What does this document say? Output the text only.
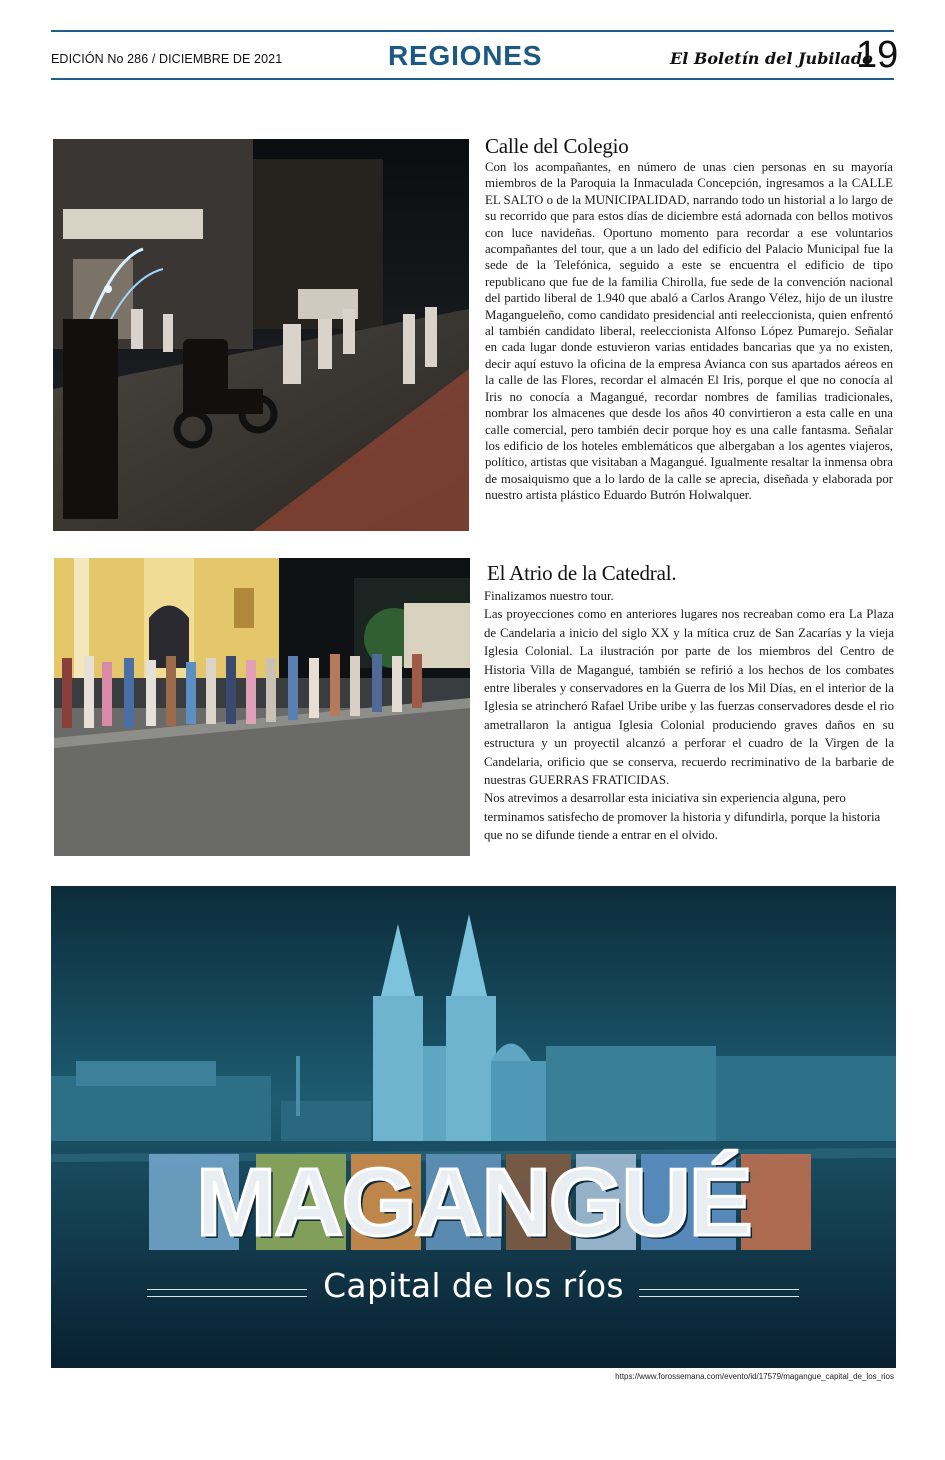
EDICIÓN No 286 / DICIEMBRE DE 2021	REGIONES	El Boletín del Jubilado
19
Calle del Colegio

Con los acompañantes, en número de unas cien personas en su mayoría miembros de la Paroquia la Inmaculada Concepción, ingresamos a la CALLE EL SALTO o de la MUNICIPALIDAD, narrando todo un historial a lo largo de su recorrido que para estos días de diciembre está adornada con bellos motivos con luce navideñas. Oportuno momento para recordar a ese voluntarios acompañantes del tour, que a un lado del edificio del Palacio Municipal fue la sede de la Telefónica, seguido a este se encuentra el edificio de tipo republicano que fue de la familia Chirolla, fue sede de la convención nacional del partido liberal de 1.940 que abaló a Carlos Arango Vélez, hijo de un ilustre Magangueleño, como candidato presidencial anti reeleccionista, quien enfrentó al también candidato liberal, reeleccionista Alfonso López Pumarejo. Señalar en cada lugar donde estuvieron varias entidades bancarias que ya no existen, decir aquí estuvo la oficina de la empresa Avianca con sus apartados aéreos en la calle de las Flores, recordar el almacén El Iris, porque el que no conocía al Iris no conocía a Magangué, recordar nombres de familias tradicionales, nombrar los almacenes que desde los años 40 convirtieron a esta calle en una calle comercial, pero también decir porque hoy es una calle fantasma. Señalar los edificio de los hoteles emblemáticos que albergaban a los agentes viajeros, político, artistas que visitaban a Magangué. Igualmente resaltar la inmensa obra de mosaiquismo que a lo lardo de la calle se aprecia, diseñada y elaborada por nuestro artista plástico Eduardo Butrón Holwalquer.

El Atrio de la Catedral.

Finalizamos nuestro tour.

Las proyecciones como en anteriores lugares nos recreaban como era La Plaza de Candelaria a inicio del siglo XX y la mítica cruz de San Zacarías y la vieja Iglesia Colonial. La ilustración por parte de los miembros del Centro de Historia Villa de Magangué, también se refirió a los hechos de los combates entre liberales y conservadores en la Guerra de los Mil Días, en el interior de la Iglesia se atrincheró Rafael Uribe uribe y las fuerzas conservadores desde el rio ametrallaron la antigua Iglesia Colonial produciendo graves daños en su estructura y un proyectil alcanzó a perforar el cuadro de la Virgen de la Candelaria, orificio que se conserva, recuerdo recriminativo de la barbarie de nuestras GUERRAS FRATICIDAS.

Nos atrevimos a desarrollar esta iniciativa sin experiencia alguna, pero terminamos satisfecho de promover la historia y difundirla, porque la historia que no se difunde tiende a entrar en el olvido.

MAGANGUÉ
Capital de los ríos
https://www.forossemana.com/evento/id/17579/magangue_capital_de_los_rios
